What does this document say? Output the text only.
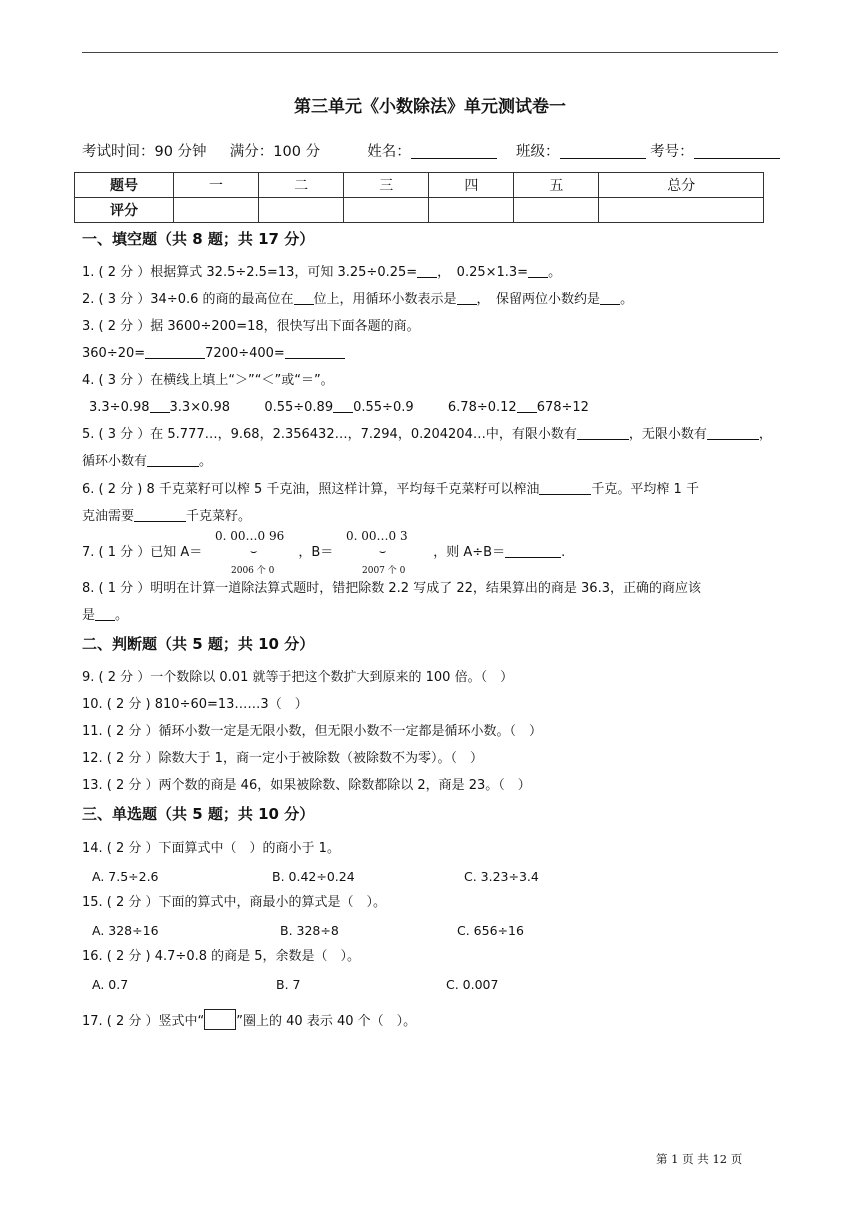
第三单元《小数除法》单元测试卷一
考试时间：90 分钟 满分：100 分	姓名：	班级：	考号：
题号	一	二	三	四	五	总分
评分						
一、填空题（共 8 题；共 17 分）
1. ( 2 分 ）根据算式 32.5÷2.5=13，可知 3.25÷0.25= ，　0.25×1.3= 。
2. ( 3 分 ）34÷0.6 的商的最高位在 位上，用循环小数表示是 ，　保留两位小数约是 。
3. ( 2 分 ）据 3600÷200=18，很快写出下面各题的商。
360÷20=	7200÷400=
4. ( 3 分 ）在横线上填上“＞”“＜”或“＝”。
3.3÷0.98 3.3×0.98	0.55÷0.89 0.55÷0.9	6.78÷0.12 678÷12
5. ( 3 分 ）在 5.777…，9.68，2.356432…，7.294，0.204204…中，有限小数有	，无限小数有	，
循环小数有	。
6. ( 2 分 ) 8 千克菜籽可以榨 5 千克油，照这样计算，平均每千克菜籽可以榨油	千克。平均榨 1 千
克油需要	千克菜籽。
7. ( 1 分 ）已知 A＝	，B＝	，则 A÷B＝	.
0. 00…0 96
⌣
2006 个 0
0. 00…0 3
⌣
2007 个 0
8. ( 1 分 ）明明在计算一道除法算式题时，错把除数 2.2 写成了 22，结果算出的商是 36.3，正确的商应该
是 。
二、判断题（共 5 题；共 10 分）
9. ( 2 分 ）一个数除以 0.01 就等于把这个数扩大到原来的 100 倍。（　）
10. ( 2 分 ) 810÷60=13……3（　）
11. ( 2 分 ）循环小数一定是无限小数，但无限小数不一定都是循环小数。（　）
12. ( 2 分 ）除数大于 1，商一定小于被除数（被除数不为零）。（　）
13. ( 2 分 ）两个数的商是 46，如果被除数、除数都除以 2，商是 23。（　）
三、单选题（共 5 题；共 10 分）
14. ( 2 分 ）下面算式中（　）的商小于 1。
A. 7.5÷2.6	B. 0.42÷0.24	C. 3.23÷3.4
15. ( 2 分 ）下面的算式中，商最小的算式是（　）。
A. 328÷16	B. 328÷8	C. 656÷16
16. ( 2 分 ) 4.7÷0.8 的商是 5，余数是（　）。
A. 0.7	B. 7	C. 0.007
17. ( 2 分 ）竖式中“ ”圈上的 40 表示 40 个（　）。
第 1 页 共 12 页
